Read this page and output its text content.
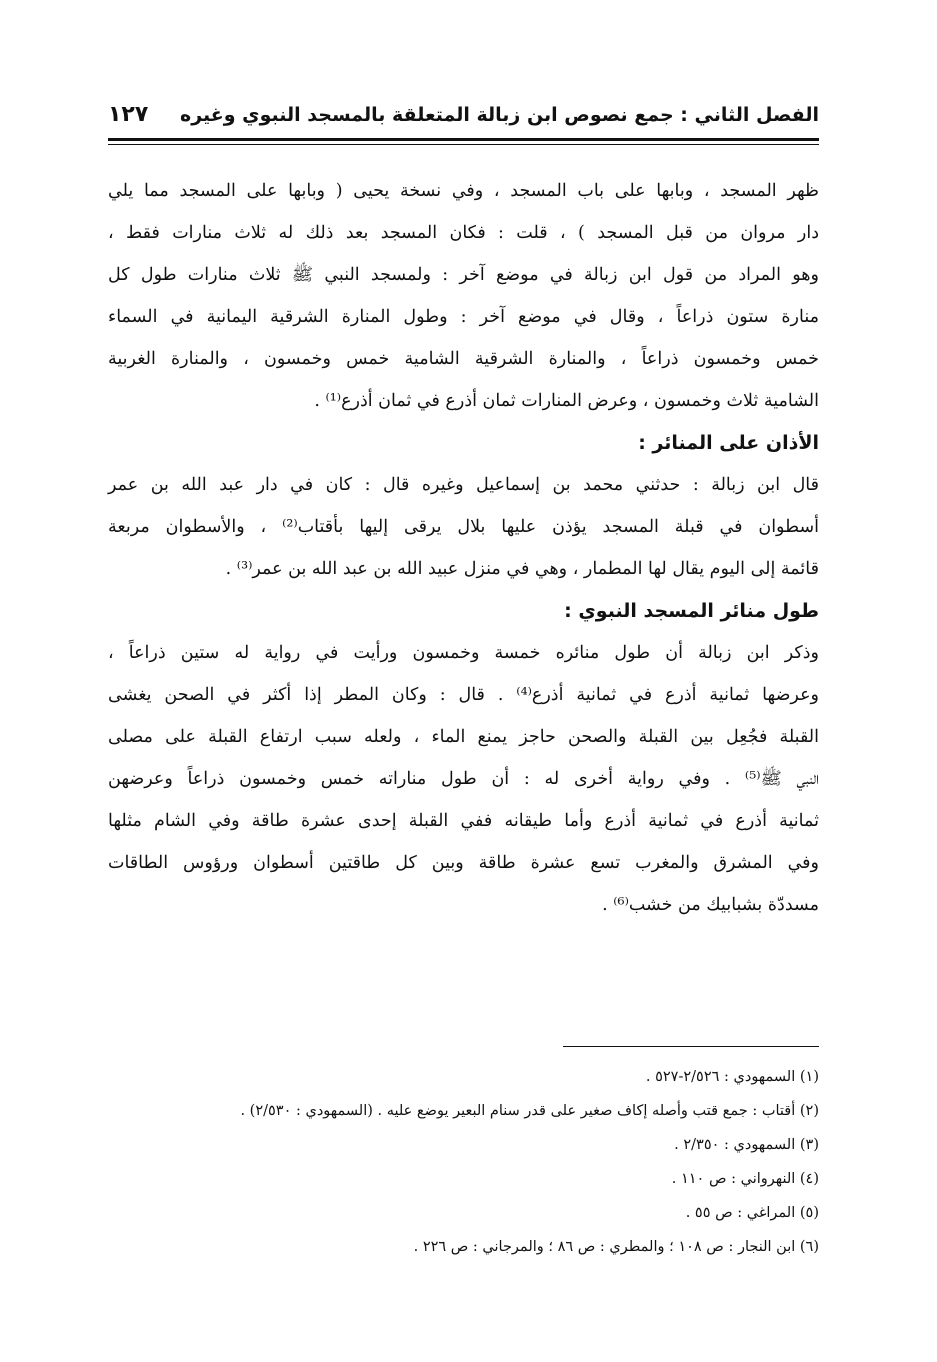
الفصل الثاني : جمع نصوص ابن زبالة المتعلقة بالمسجد النبوي وغيره
١٢٧
ظهر المسجد ، وبابها على باب المسجد ، وفي نسخة يحيى ( وبابها على المسجد مما يلي
دار مروان من قبل المسجد ) ، قلت : فكان المسجد بعد ذلك له ثلاث منارات فقط ،
وهو المراد من قول ابن زبالة في موضع آخر : ولمسجد النبي ﷺ ثلاث منارات طول كل
منارة ستون ذراعاً ، وقال في موضع آخر : وطول المنارة الشرقية اليمانية في السماء
خمس وخمسون ذراعاً ، والمنارة الشرقية الشامية خمس وخمسون ، والمنارة الغربية
الشامية ثلاث وخمسون ، وعرض المنارات ثمان أذرع في ثمان أذرع⁽¹⁾ .
الأذان على المنائر :
قال ابن زبالة : حدثني محمد بن إسماعيل وغيره قال : كان في دار عبد الله بن عمر
أسطوان في قبلة المسجد يؤذن عليها بلال يرقى إليها بأقتاب⁽²⁾ ، والأسطوان مربعة
قائمة إلى اليوم يقال لها المطمار ، وهي في منزل عبيد الله بن عبد الله بن عمر⁽³⁾ .
طول منائر المسجد النبوي :
وذكر ابن زبالة أن طول منائره خمسة وخمسون ورأيت في رواية له ستين ذراعاً ،
وعرضها ثمانية أذرع في ثمانية أذرع⁽⁴⁾ . قال : وكان المطر إذا أكثر في الصحن يغشى
القبلة فجُعِل بين القبلة والصحن حاجز يمنع الماء ، ولعله سبب ارتفاع القبلة على مصلى
النبي ﷺ⁽⁵⁾ . وفي رواية أخرى له : أن طول مناراته خمس وخمسون ذراعاً وعرضهن
ثمانية أذرع في ثمانية أذرع وأما طيقانه ففي القبلة إحدى عشرة طاقة وفي الشام مثلها
وفي المشرق والمغرب تسع عشرة طاقة وبين كل طاقتين أسطوان ورؤوس الطاقات
مسددّة بشبابيك من خشب⁽⁶⁾ .
(١) السمهودي : ٢/٥٢٦-٥٢٧ .
(٢) أقتاب : جمع قتب وأصله إكاف صغير على قدر سنام البعير يوضع عليه . (السمهودي : ٢/٥٣٠) .
(٣) السمهودي : ٢/٣٥٠ .
(٤) النهرواني : ص ١١٠ .
(٥) المراغي : ص ٥٥ .
(٦) ابن النجار : ص ١٠٨ ؛ والمطري : ص ٨٦ ؛ والمرجاني : ص ٢٢٦ .
